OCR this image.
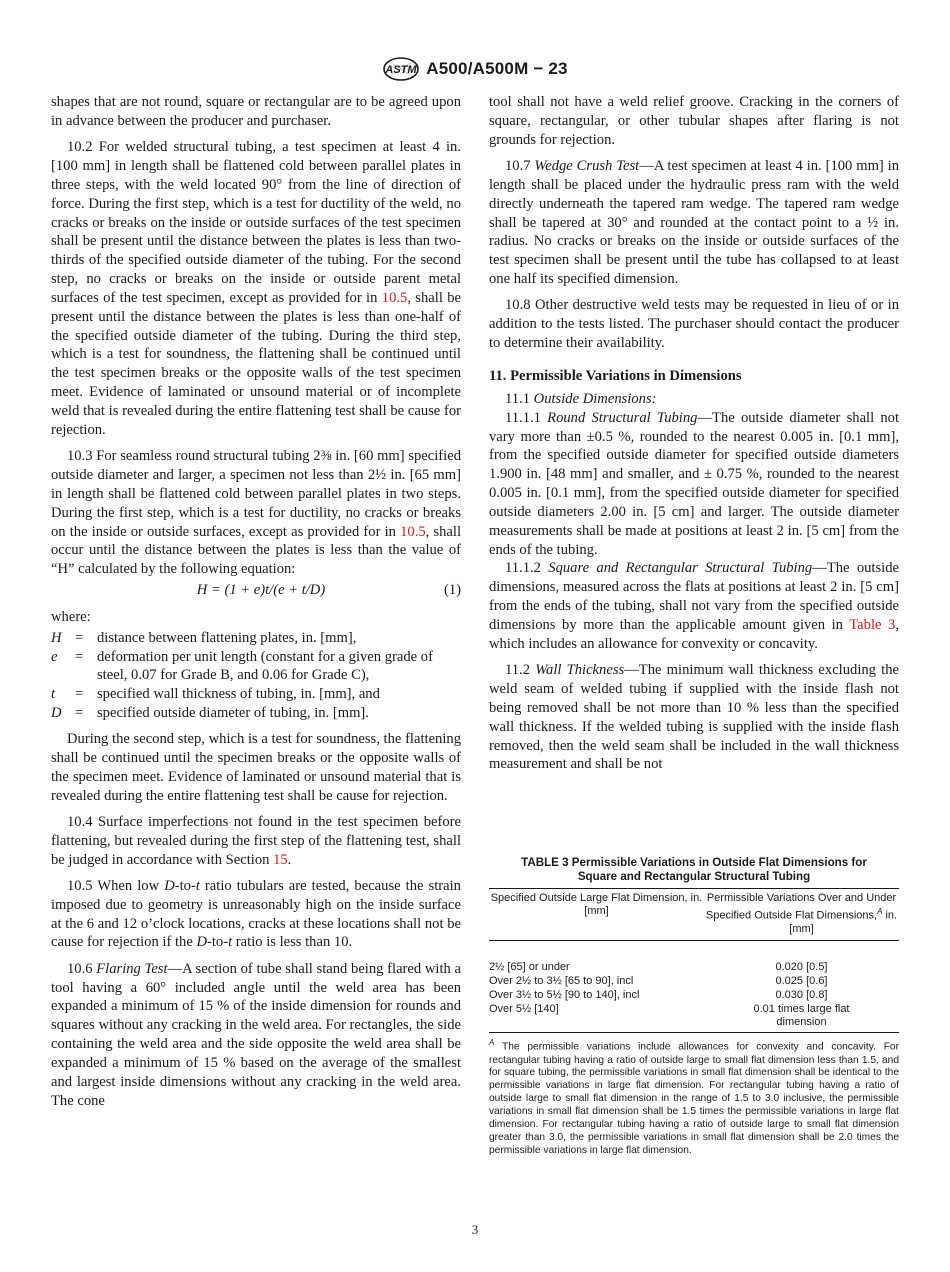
ASTM A500/A500M − 23

shapes that are not round, square or rectangular are to be agreed upon in advance between the producer and purchaser.

10.2 For welded structural tubing, a test specimen at least 4 in. [100 mm] in length shall be flattened cold between parallel plates in three steps, with the weld located 90° from the line of direction of force. During the first step, which is a test for ductility of the weld, no cracks or breaks on the inside or outside surfaces of the test specimen shall be present until the distance between the plates is less than two-thirds of the specified outside diameter of the tubing. For the second step, no cracks or breaks on the inside or outside parent metal surfaces of the test specimen, except as provided for in 10.5, shall be present until the distance between the plates is less than one-half of the specified outside diameter of the tubing. During the third step, which is a test for soundness, the flattening shall be continued until the test specimen breaks or the opposite walls of the test specimen meet. Evidence of laminated or unsound material or of incomplete weld that is revealed during the entire flattening test shall be cause for rejection.

10.3 For seamless round structural tubing 2⅜ in. [60 mm] specified outside diameter and larger, a specimen not less than 2½ in. [65 mm] in length shall be flattened cold between parallel plates in two steps. During the first step, which is a test for ductility, no cracks or breaks on the inside or outside surfaces, except as provided for in 10.5, shall occur until the distance between the plates is less than the value of “H” calculated by the following equation:

H = (1 + e)t/(e + t/D)	(1)
where:
H = distance between flattening plates, in. [mm],
e	= deformation per unit length (constant for a given grade of steel, 0.07 for Grade B, and 0.06 for Grade C),
t	= specified wall thickness of tubing, in. [mm], and
D = specified outside diameter of tubing, in. [mm].

During the second step, which is a test for soundness, the flattening shall be continued until the specimen breaks or the opposite walls of the specimen meet. Evidence of laminated or unsound material that is revealed during the entire flattening test shall be cause for rejection.

10.4 Surface imperfections not found in the test specimen before flattening, but revealed during the first step of the flattening test, shall be judged in accordance with Section 15.

10.5 When low D-to-t ratio tubulars are tested, because the strain imposed due to geometry is unreasonably high on the inside surface at the 6 and 12 o’clock locations, cracks at these locations shall not be cause for rejection if the D-to-t ratio is less than 10.

10.6 Flaring Test—A section of tube shall stand being flared with a tool having a 60° included angle until the weld area has been expanded a minimum of 15 % of the inside dimension for rounds and squares without any cracking in the weld area. For rectangles, the side containing the weld area and the side opposite the weld area shall be expanded a minimum of 15 % based on the average of the smallest and largest inside dimensions without any cracking in the weld area. The cone

tool shall not have a weld relief groove. Cracking in the corners of square, rectangular, or other tubular shapes after flaring is not grounds for rejection.

10.7 Wedge Crush Test—A test specimen at least 4 in. [100 mm] in length shall be placed under the hydraulic press ram with the weld directly underneath the tapered ram wedge. The tapered ram wedge shall be tapered at 30° and rounded at the contact point to a ½ in. radius. No cracks or breaks on the inside or outside surfaces of the test specimen shall be present until the tube has collapsed to at least one half its specified dimension.

10.8 Other destructive weld tests may be requested in lieu of or in addition to the tests listed. The purchaser should contact the producer to determine their availability.

11. Permissible Variations in Dimensions

11.1 Outside Dimensions:

11.1.1 Round Structural Tubing—The outside diameter shall not vary more than ±0.5 %, rounded to the nearest 0.005 in. [0.1 mm], from the specified outside diameter for specified outside diameters 1.900 in. [48 mm] and smaller, and ± 0.75 %, rounded to the nearest 0.005 in. [0.1 mm], from the specified outside diameter for specified outside diameters 2.00 in. [5 cm] and larger. The outside diameter measurements shall be made at positions at least 2 in. [5 cm] from the ends of the tubing.

11.1.2 Square and Rectangular Structural Tubing—The outside dimensions, measured across the flats at positions at least 2 in. [5 cm] from the ends of the tubing, shall not vary from the specified outside dimensions by more than the applicable amount given in Table 3, which includes an allowance for convexity or concavity.

11.2 Wall Thickness—The minimum wall thickness excluding the weld seam of welded tubing if supplied with the inside flash not being removed shall be not more than 10 % less than the specified wall thickness. If the welded tubing is supplied with the inside flash removed, then the weld seam shall be included in the wall thickness measurement and shall be not

TABLE 3 Permissible Variations in Outside Flat Dimensions for
Square and Rectangular Structural Tubing
Specified Outside Large Flat Dimension, in. [mm]
Permissible Variations Over and Under Specified Outside Flat Dimensions,$^A$ in. [mm]
2½ [65] or under	0.020 [0.5]
Over 2½ to 3½ [65 to 90], incl	0.025 [0.6]
Over 3½ to 5½ [90 to 140], incl	0.030 [0.8]
Over 5½ [140]	0.01 times large flat dimension
$^A$ The permissible variations include allowances for convexity and concavity. For rectangular tubing having a ratio of outside large to small flat dimension less than 1.5, and for square tubing, the permissible variations in small flat dimension shall be identical to the permissible variations in large flat dimension. For rectangular tubing having a ratio of outside large to small flat dimension in the range of 1.5 to 3.0 inclusive, the permissible variations in small flat dimension shall be 1.5 times the permissible variations in large flat dimension. For rectangular tubing having a ratio of outside large to small flat dimension greater than 3.0, the permissible variations in small flat dimension shall be 2.0 times the permissible variations in large flat dimension.
3
